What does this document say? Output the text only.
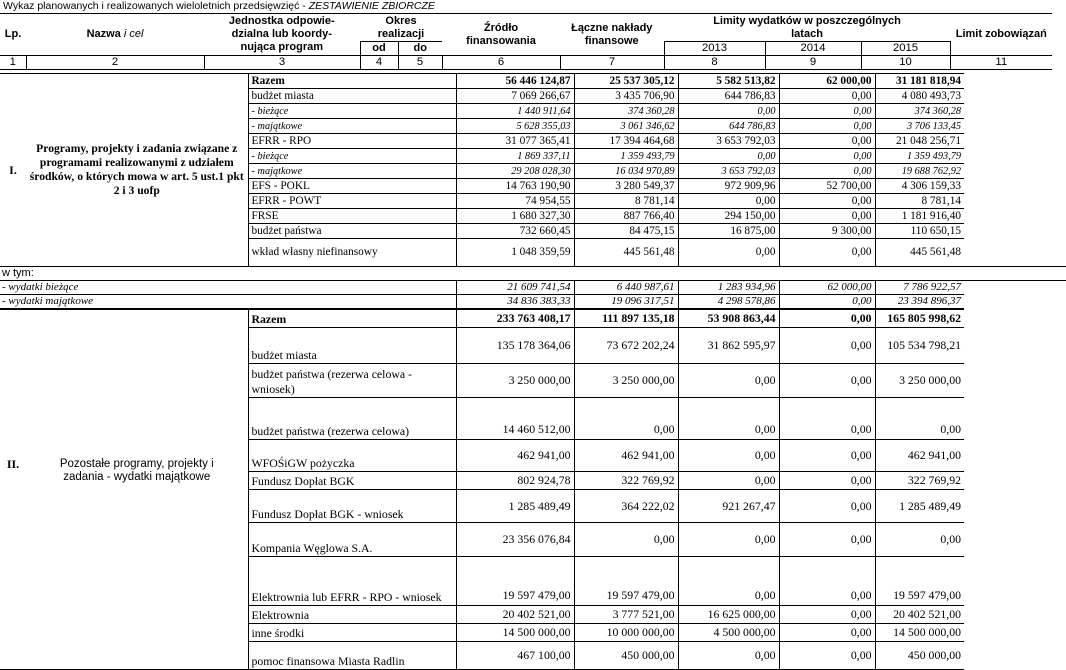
Wykaz planowanych i realizowanych wieloletnich przedsięwzięć - ZESTAWIENIE ZBIORCZE
Lp.	Nazwa i cel	Jednostka odpowie-dzialna lub koordy-nująca program	Okres realizacji		Źródło finansowania	Łączne nakłady finansowe	Limity wydatków w poszczególnych latach			Limit zobowiązań

			od	do			2013	2014	2015	
1	2	3	4	5	6	7	8	9	10	11
I.	Programy, projekty i zadania związane z programami realizowanymi z udziałem środków, o których mowa w art. 5 ust.1 pkt 2 i 3 uofp	Razem	56 446 124,87	25 537 305,12	5 582 513,82	62 000,00	31 181 818,94
		budżet miasta	7 069 266,67	3 435 706,90	644 786,83	0,00	4 080 493,73
		- bieżące	1 440 911,64	374 360,28	0,00	0,00	374 360,28
		- majątkowe	5 628 355,03	3 061 346,62	644 786,83	0,00	3 706 133,45
		EFRR - RPO	31 077 365,41	17 394 464,68	3 653 792,03	0,00	21 048 256,71
		- bieżące	1 869 337,11	1 359 493,79	0,00	0,00	1 359 493,79
		- majątkowe	29 208 028,30	16 034 970,89	3 653 792,03	0,00	19 688 762,92
		EFS - POKL	14 763 190,90	3 280 549,37	972 909,96	52 700,00	4 306 159,33
		EFRR - POWT	74 954,55	8 781,14	0,00	0,00	8 781,14
		FRSE	1 680 327,30	887 766,40	294 150,00	0,00	1 181 916,40
		budżet państwa	732 660,45	84 475,15	16 875,00	9 300,00	110 650,15
		wkład własny niefinansowy	1 048 359,59	445 561,48	0,00	0,00	445 561,48
w tym:							
- wydatki bieżące			21 609 741,54	6 440 987,61	1 283 934,96	62 000,00	7 786 922,57
- wydatki majątkowe			34 836 383,33	19 096 317,51	4 298 578,86	0,00	23 394 896,37
II.	Pozostałe programy, projekty i zadania - wydatki majątkowe	Razem	233 763 408,17	111 897 135,18	53 908 863,44	0,00	165 805 998,62
		budżet miasta	135 178 364,06	73 672 202,24	31 862 595,97	0,00	105 534 798,21
		budżet państwa (rezerwa celowa - wniosek)	3 250 000,00	3 250 000,00	0,00	0,00	3 250 000,00
		budżet państwa (rezerwa celowa)	14 460 512,00	0,00	0,00	0,00	0,00
		WFOŚiGW pożyczka	462 941,00	462 941,00	0,00	0,00	462 941,00
		Fundusz Dopłat BGK	802 924,78	322 769,92	0,00	0,00	322 769,92
		Fundusz Dopłat BGK - wniosek	1 285 489,49	364 222,02	921 267,47	0,00	1 285 489,49
		Kompania Węglowa S.A.	23 356 076,84	0,00	0,00	0,00	0,00
		Elektrownia lub EFRR - RPO - wniosek	19 597 479,00	19 597 479,00	0,00	0,00	19 597 479,00
		Elektrownia	20 402 521,00	3 777 521,00	16 625 000,00	0,00	20 402 521,00
		inne środki	14 500 000,00	10 000 000,00	4 500 000,00	0,00	14 500 000,00
		pomoc finansowa Miasta Radlin	467 100,00	450 000,00	0,00	0,00	450 000,00
